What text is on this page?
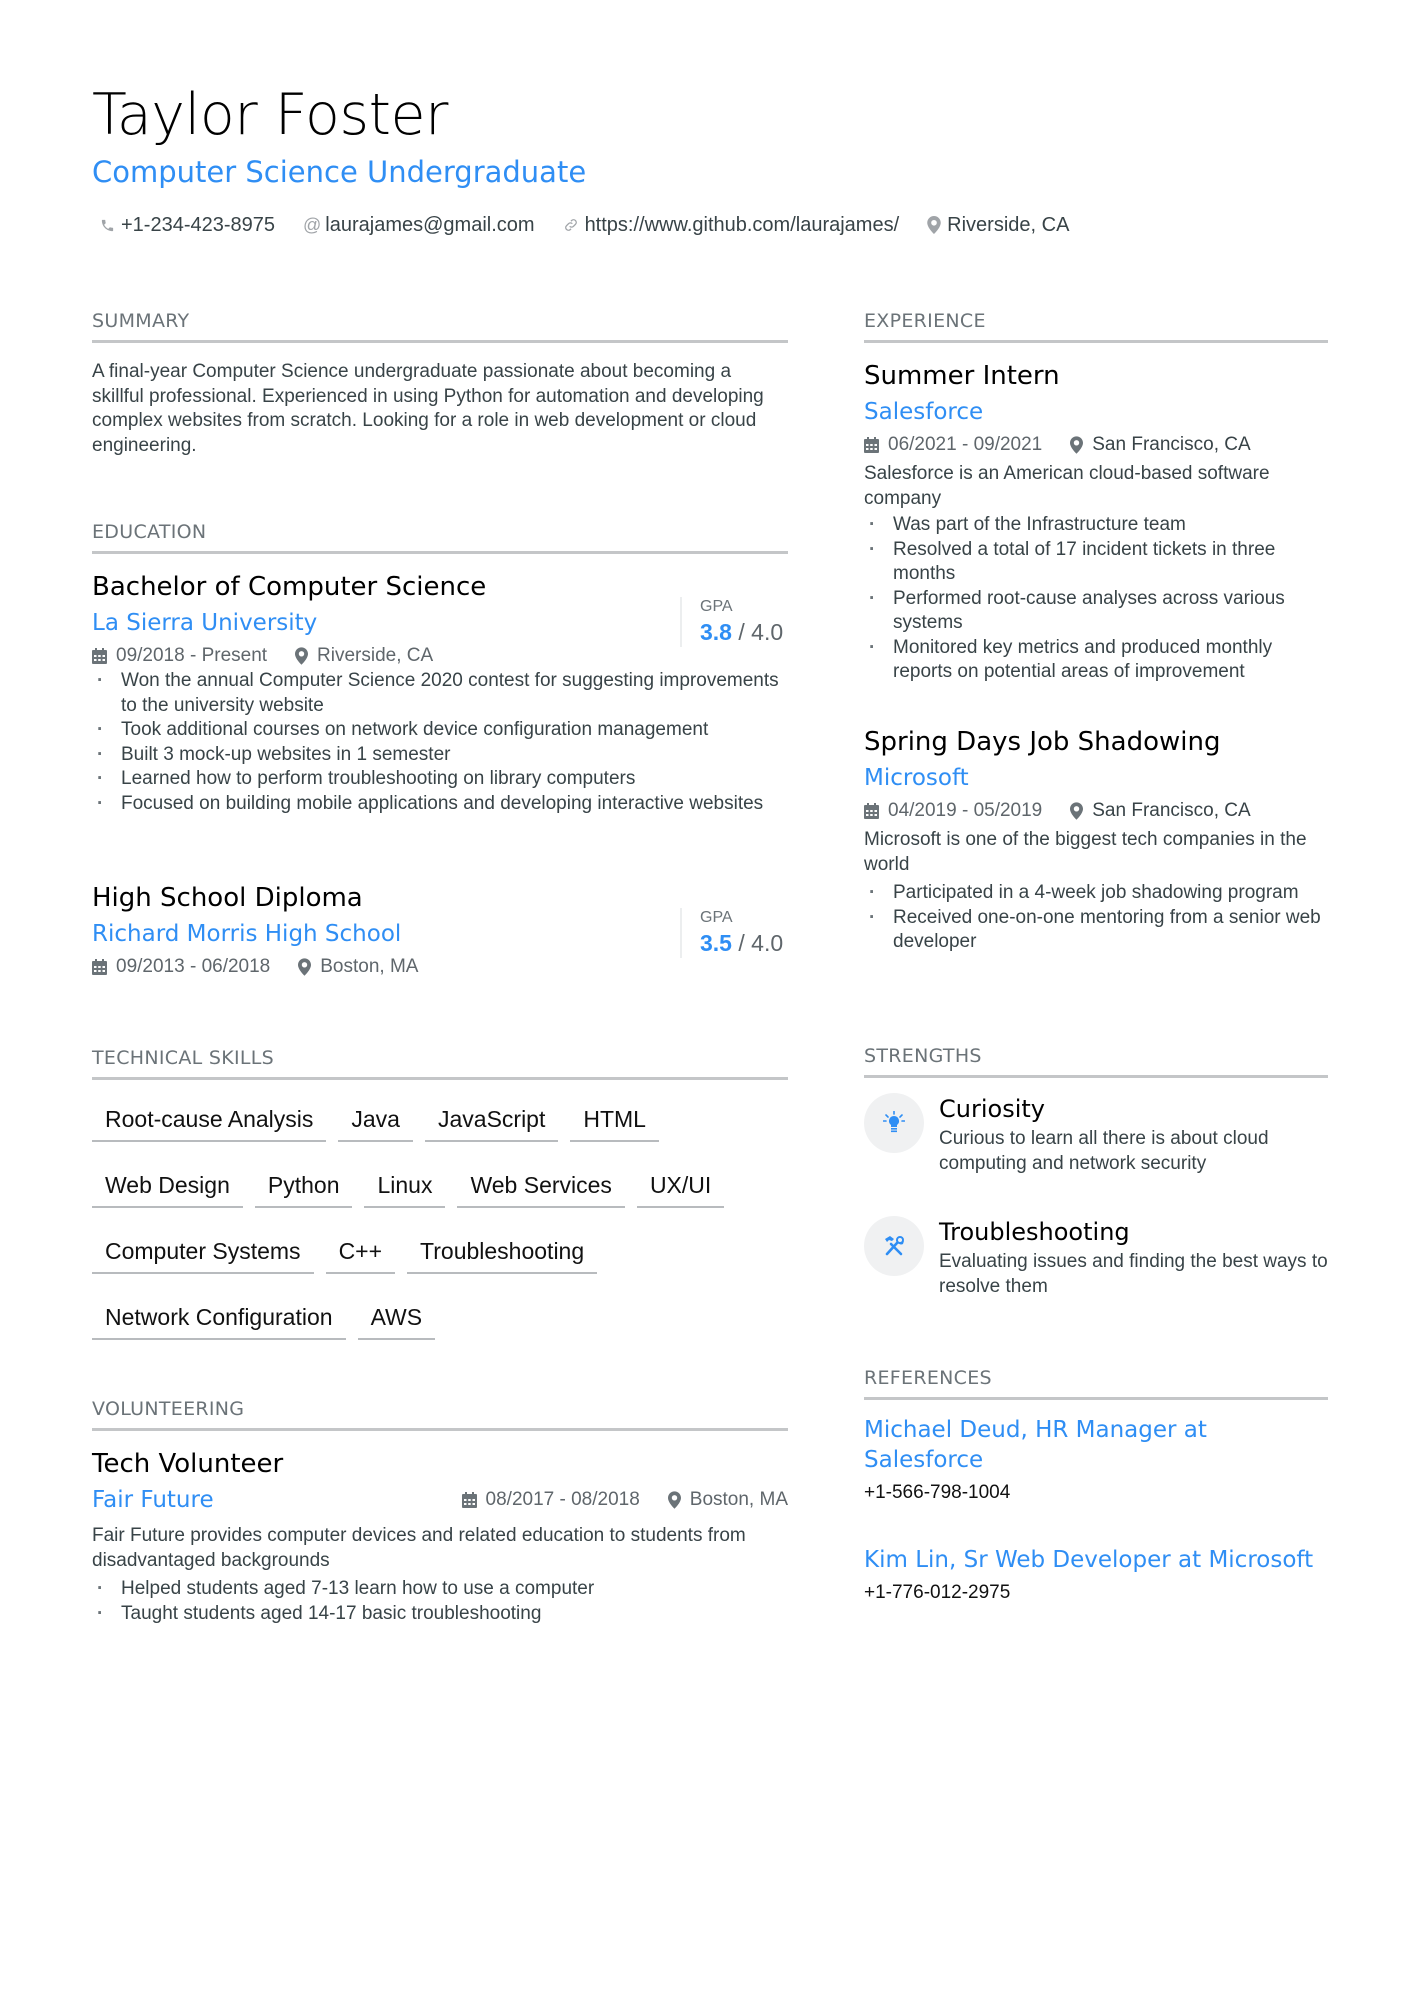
Taylor Foster
Computer Science Undergraduate
+1-234-423-8975 @ laurajames@gmail.com	https://www.github.com/laurajames/ Riverside, CA
SUMMARY
A final-year Computer Science undergraduate passionate about becoming a skillful professional. Experienced in using Python for automation and developing complex websites from scratch. Looking for a role in web development or cloud engineering.
EDUCATION
Bachelor of Computer Science
La Sierra University
GPA
3.8 / 4.0
09/2018 - Present	Riverside, CA
· Won the annual Computer Science 2020 contest for suggesting improvements to the university website
· Took additional courses on network device configuration management
· Built 3 mock-up websites in 1 semester
· Learned how to perform troubleshooting on library computers
· Focused on building mobile applications and developing interactive websites
High School Diploma
Richard Morris High School
GPA
3.5 / 4.0
09/2013 - 06/2018	Boston, MA
TECHNICAL SKILLS
Root-cause Analysis	Java	JavaScript	HTML
Web Design	Python	Linux	Web Services	UX/UI
Computer Systems	C++	Troubleshooting
Network Configuration	AWS
VOLUNTEERING
Tech Volunteer
Fair Future	08/2017 - 08/2018	Boston, MA
Fair Future provides computer devices and related education to students from disadvantaged backgrounds
· Helped students aged 7-13 learn how to use a computer
· Taught students aged 14-17 basic troubleshooting
EXPERIENCE
Summer Intern
Salesforce
06/2021 - 09/2021	San Francisco, CA
Salesforce is an American cloud-based software company
· Was part of the Infrastructure team
· Resolved a total of 17 incident tickets in three months
· Performed root-cause analyses across various systems
· Monitored key metrics and produced monthly reports on potential areas of improvement
Spring Days Job Shadowing
Microsoft
04/2019 - 05/2019	San Francisco, CA
Microsoft is one of the biggest tech companies in the world
· Participated in a 4-week job shadowing program
· Received one-on-one mentoring from a senior web developer
STRENGTHS
Curiosity
Curious to learn all there is about cloud computing and network security
Troubleshooting
Evaluating issues and finding the best ways to resolve them
REFERENCES
Michael Deud, HR Manager at Salesforce
+1-566-798-1004
Kim Lin, Sr Web Developer at Microsoft
+1-776-012-2975
